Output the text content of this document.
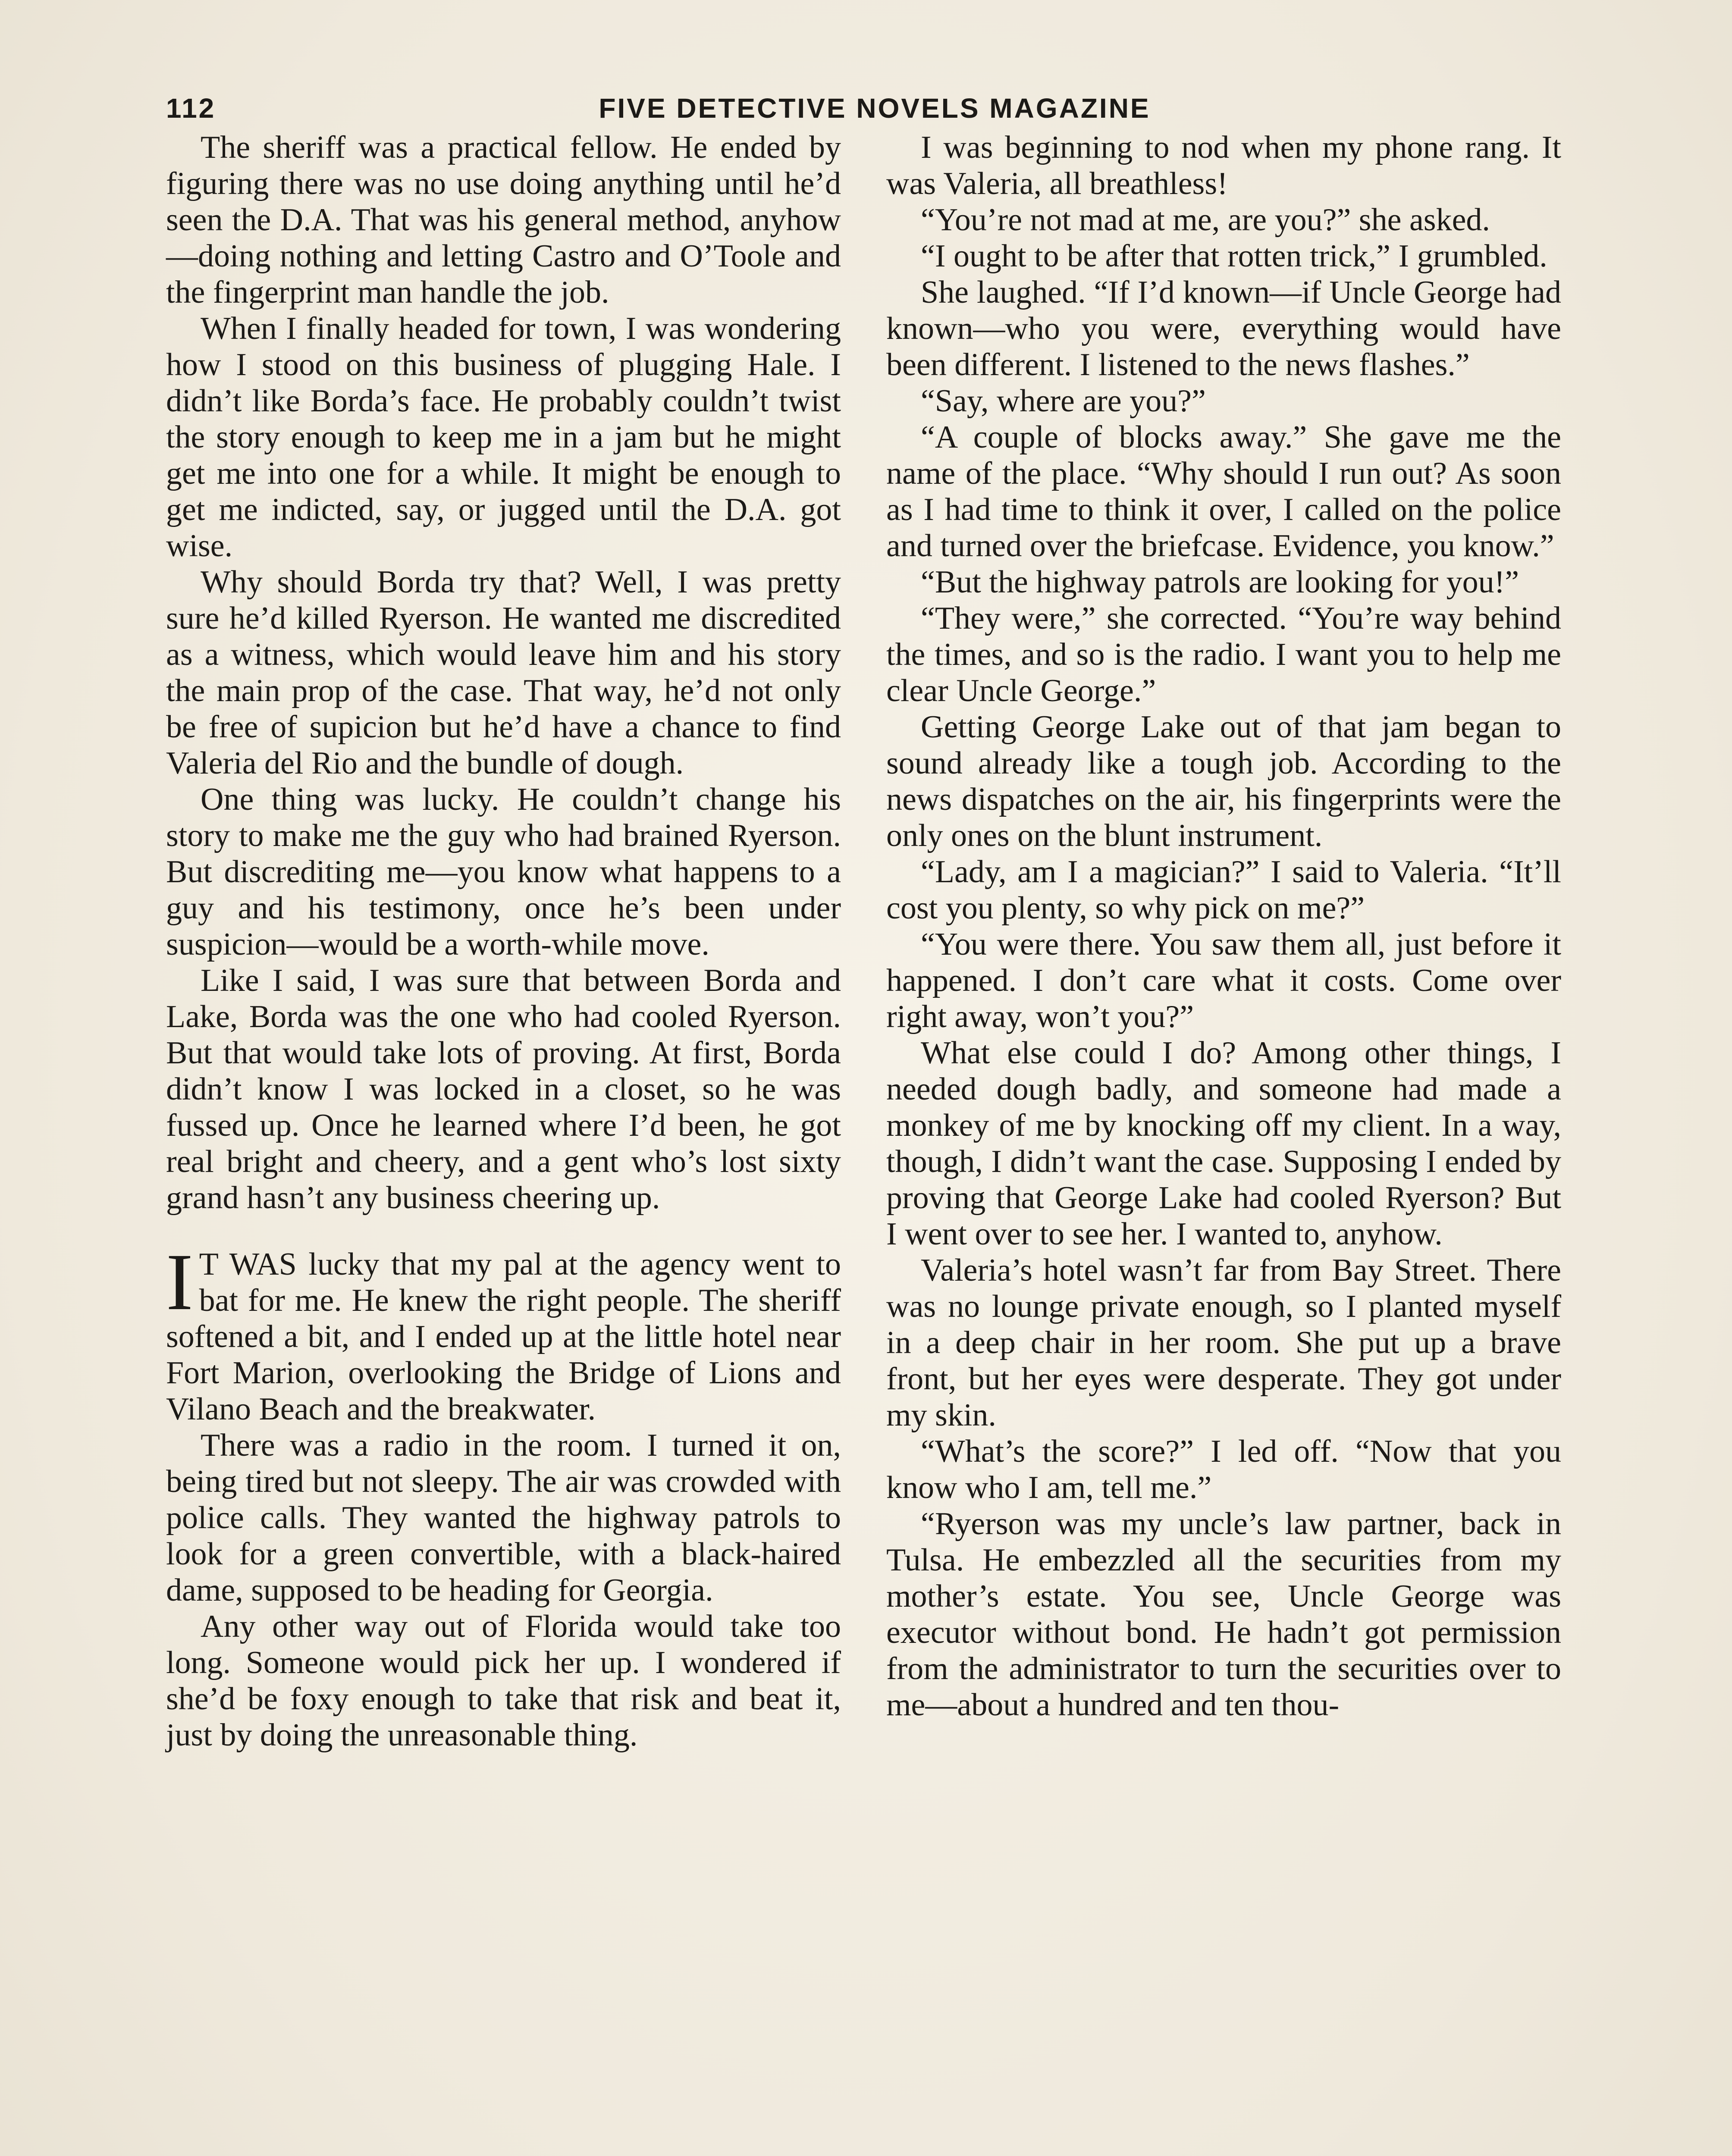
112	FIVE DETECTIVE NOVELS MAGAZINE

The sheriff was a practical fellow. He ended by figuring there was no use doing anything until he’d seen the D.A. That was his general method, anyhow—doing nothing and letting Castro and O’Toole and the fingerprint man handle the job.

When I finally headed for town, I was wondering how I stood on this business of plugging Hale. I didn’t like Borda’s face. He probably couldn’t twist the story enough to keep me in a jam but he might get me into one for a while. It might be enough to get me indicted, say, or jugged until the D.A. got wise.

Why should Borda try that? Well, I was pretty sure he’d killed Ryerson. He wanted me discredited as a witness, which would leave him and his story the main prop of the case. That way, he’d not only be free of supicion but he’d have a chance to find Valeria del Rio and the bundle of dough.

One thing was lucky. He couldn’t change his story to make me the guy who had brained Ryerson. But discrediting me—you know what happens to a guy and his testimony, once he’s been under suspicion—would be a worth-while move.

Like I said, I was sure that between Borda and Lake, Borda was the one who had cooled Ryerson. But that would take lots of proving. At first, Borda didn’t know I was locked in a closet, so he was fussed up. Once he learned where I’d been, he got real bright and cheery, and a gent who’s lost sixty grand hasn’t any business cheering up.

I T WAS lucky that my pal at the agency went to bat for me. He knew the right people. The sheriff softened a bit, and I ended up at the little hotel near Fort Marion, overlooking the Bridge of Lions and Vilano Beach and the breakwater.

There was a radio in the room. I turned it on, being tired but not sleepy. The air was crowded with police calls. They wanted the highway patrols to look for a green convertible, with a black-haired dame, supposed to be heading for Georgia.

Any other way out of Florida would take too long. Someone would pick her up. I wondered if she’d be foxy enough to take that risk and beat it, just by doing the unreasonable thing.

I was beginning to nod when my phone rang. It was Valeria, all breathless!

“You’re not mad at me, are you?” she asked.

“I ought to be after that rotten trick,” I grumbled.

She laughed. “If I’d known—if Uncle George had known—who you were, everything would have been different. I listened to the news flashes.”

“Say, where are you?”

“A couple of blocks away.” She gave me the name of the place. “Why should I run out? As soon as I had time to think it over, I called on the police and turned over the briefcase. Evidence, you know.”

“But the highway patrols are looking for you!”

“They were,” she corrected. “You’re way behind the times, and so is the radio. I want you to help me clear Uncle George.”

Getting George Lake out of that jam began to sound already like a tough job. According to the news dispatches on the air, his fingerprints were the only ones on the blunt instrument.

“Lady, am I a magician?” I said to Valeria. “It’ll cost you plenty, so why pick on me?”

“You were there. You saw them all, just before it happened. I don’t care what it costs. Come over right away, won’t you?”

What else could I do? Among other things, I needed dough badly, and someone had made a monkey of me by knocking off my client. In a way, though, I didn’t want the case. Supposing I ended by proving that George Lake had cooled Ryerson? But I went over to see her. I wanted to, anyhow.

Valeria’s hotel wasn’t far from Bay Street. There was no lounge private enough, so I planted myself in a deep chair in her room. She put up a brave front, but her eyes were desperate. They got under my skin.

“What’s the score?” I led off. “Now that you know who I am, tell me.”

“Ryerson was my uncle’s law partner, back in Tulsa. He embezzled all the securities from my mother’s estate. You see, Uncle George was executor without bond. He hadn’t got permission from the administrator to turn the securities over to me—about a hundred and ten thou-
